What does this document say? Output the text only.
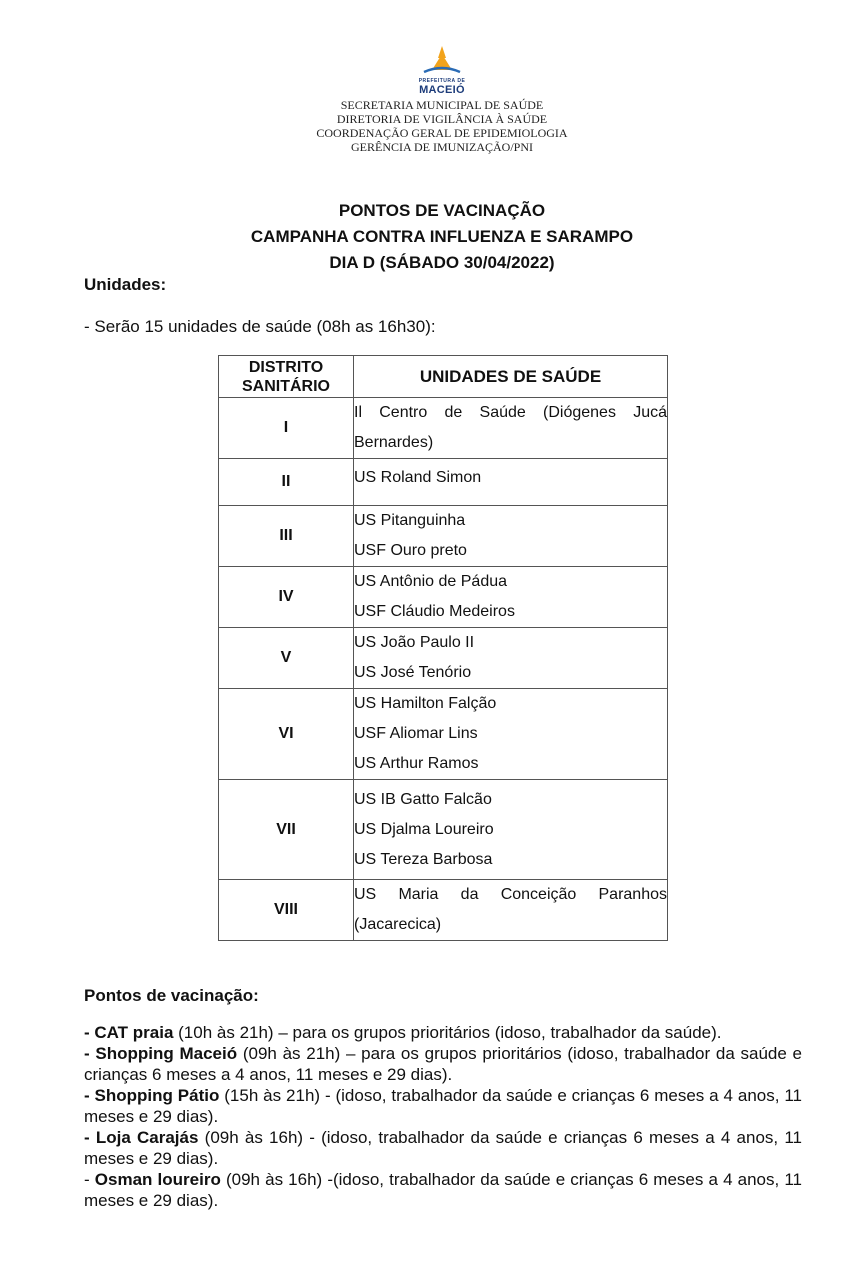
PREFEITURA DE
MACEIÓ
SECRETARIA MUNICIPAL DE SAÚDE
DIRETORIA DE VIGILÂNCIA À SAÚDE
COORDENAÇÃO GERAL DE EPIDEMIOLOGIA
GERÊNCIA DE IMUNIZAÇÃO/PNI
PONTOS DE VACINAÇÃO
CAMPANHA CONTRA INFLUENZA E SARAMPO
DIA D (SÁBADO 30/04/2022)
Unidades:
- Serão 15 unidades de saúde (08h as 16h30):
DISTRITO
SANITÁRIO	UNIDADES DE SAÚDE
I	Il Centro de Saúde (Diógenes Jucá
Bernardes)

II	US Roland Simon

III	US Pitanguinha
USF Ouro preto

IV	US Antônio de Pádua
USF Cláudio Medeiros

V	US João Paulo II
US José Tenório

VI	US Hamilton Falção
USF Aliomar Lins
US Arthur Ramos

VII	US IB Gatto Falcão
US Djalma Loureiro
US Tereza Barbosa

VIII	US Maria da Conceição Paranhos
(Jacarecica)
Pontos de vacinação:

- CAT praia (10h às 21h) – para os grupos prioritários (idoso, trabalhador da saúde).

- Shopping Maceió (09h às 21h) – para os grupos prioritários (idoso, trabalhador da saúde e crianças 6 meses a 4 anos, 11 meses e 29 dias).

- Shopping Pátio (15h às 21h) - (idoso, trabalhador da saúde e crianças 6 meses a 4 anos, 11 meses e 29 dias).

- Loja Carajás (09h às 16h) - (idoso, trabalhador da saúde e crianças 6 meses a 4 anos, 11 meses e 29 dias).

- Osman loureiro (09h às 16h) -(idoso, trabalhador da saúde e crianças 6 meses a 4 anos, 11 meses e 29 dias).
